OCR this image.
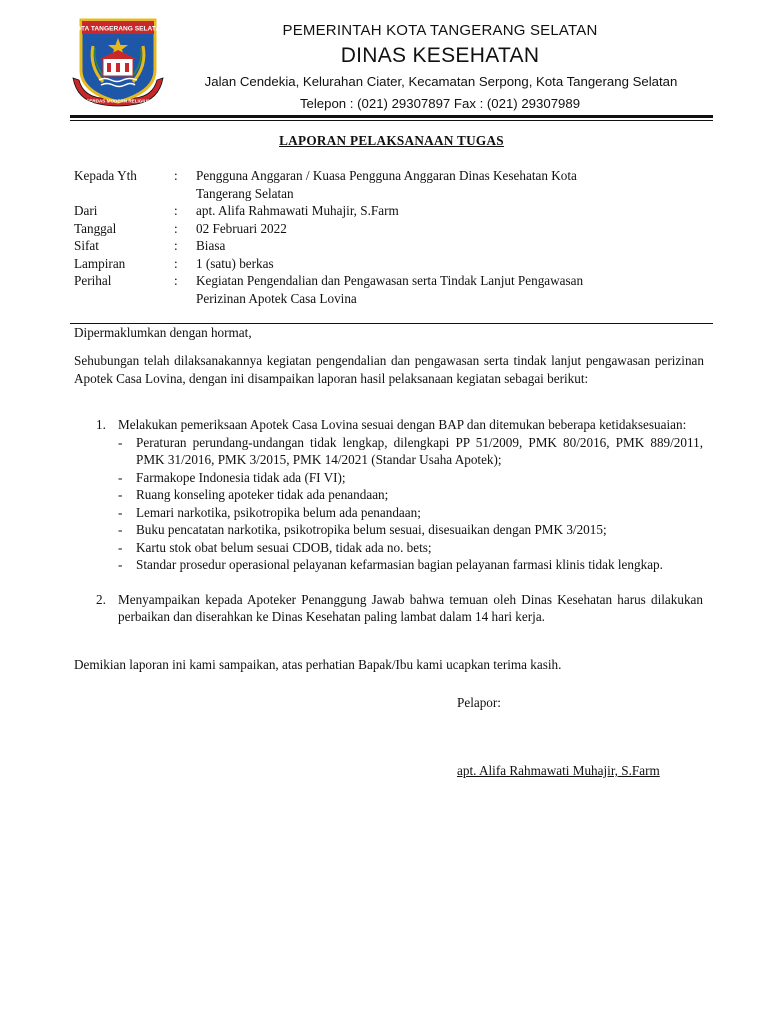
KOTA TANGERANG SELATAN
CERDAS MODERN RELIGIUS
PEMERINTAH KOTA TANGERANG SELATAN
DINAS KESEHATAN
Jalan Cendekia, Kelurahan Ciater, Kecamatan Serpong, Kota Tangerang Selatan
Telepon : (021) 29307897 Fax : (021) 29307989
LAPORAN PELAKSANAAN TUGAS
Kepada Yth	:	Pengguna Anggaran / Kuasa Pengguna Anggaran Dinas Kesehatan Kota
Tangerang Selatan
Dari	:	apt. Alifa Rahmawati Muhajir, S.Farm
Tanggal	:	02 Februari 2022
Sifat	:	Biasa
Lampiran	:	1 (satu) berkas
Perihal	:	Kegiatan Pengendalian dan Pengawasan serta Tindak Lanjut Pengawasan
Perizinan Apotek Casa Lovina
Dipermaklumkan dengan hormat,
Sehubungan telah dilaksanakannya kegiatan pengendalian dan pengawasan serta tindak lanjut pengawasan perizinan Apotek Casa Lovina, dengan ini disampaikan laporan hasil pelaksanaan kegiatan sebagai berikut:
1. Melakukan pemeriksaan Apotek Casa Lovina sesuai dengan BAP dan ditemukan beberapa ketidaksesuaian:
-	Peraturan perundang-undangan tidak lengkap, dilengkapi PP 51/2009, PMK 80/2016, PMK 889/2011, PMK 31/2016, PMK 3/2015, PMK 14/2021 (Standar Usaha Apotek);
-	Farmakope Indonesia tidak ada (FI VI);
-	Ruang konseling apoteker tidak ada penandaan;
-	Lemari narkotika, psikotropika belum ada penandaan;
-	Buku pencatatan narkotika, psikotropika belum sesuai, disesuaikan dengan PMK 3/2015;
-	Kartu stok obat belum sesuai CDOB, tidak ada no. bets;
-	Standar prosedur operasional pelayanan kefarmasian bagian pelayanan farmasi klinis tidak lengkap.
2. Menyampaikan kepada Apoteker Penanggung Jawab bahwa temuan oleh Dinas Kesehatan harus dilakukan perbaikan dan diserahkan ke Dinas Kesehatan paling lambat dalam 14 hari kerja.
Demikian laporan ini kami sampaikan, atas perhatian Bapak/Ibu kami ucapkan terima kasih.
Pelapor:
apt. Alifa Rahmawati Muhajir, S.Farm
